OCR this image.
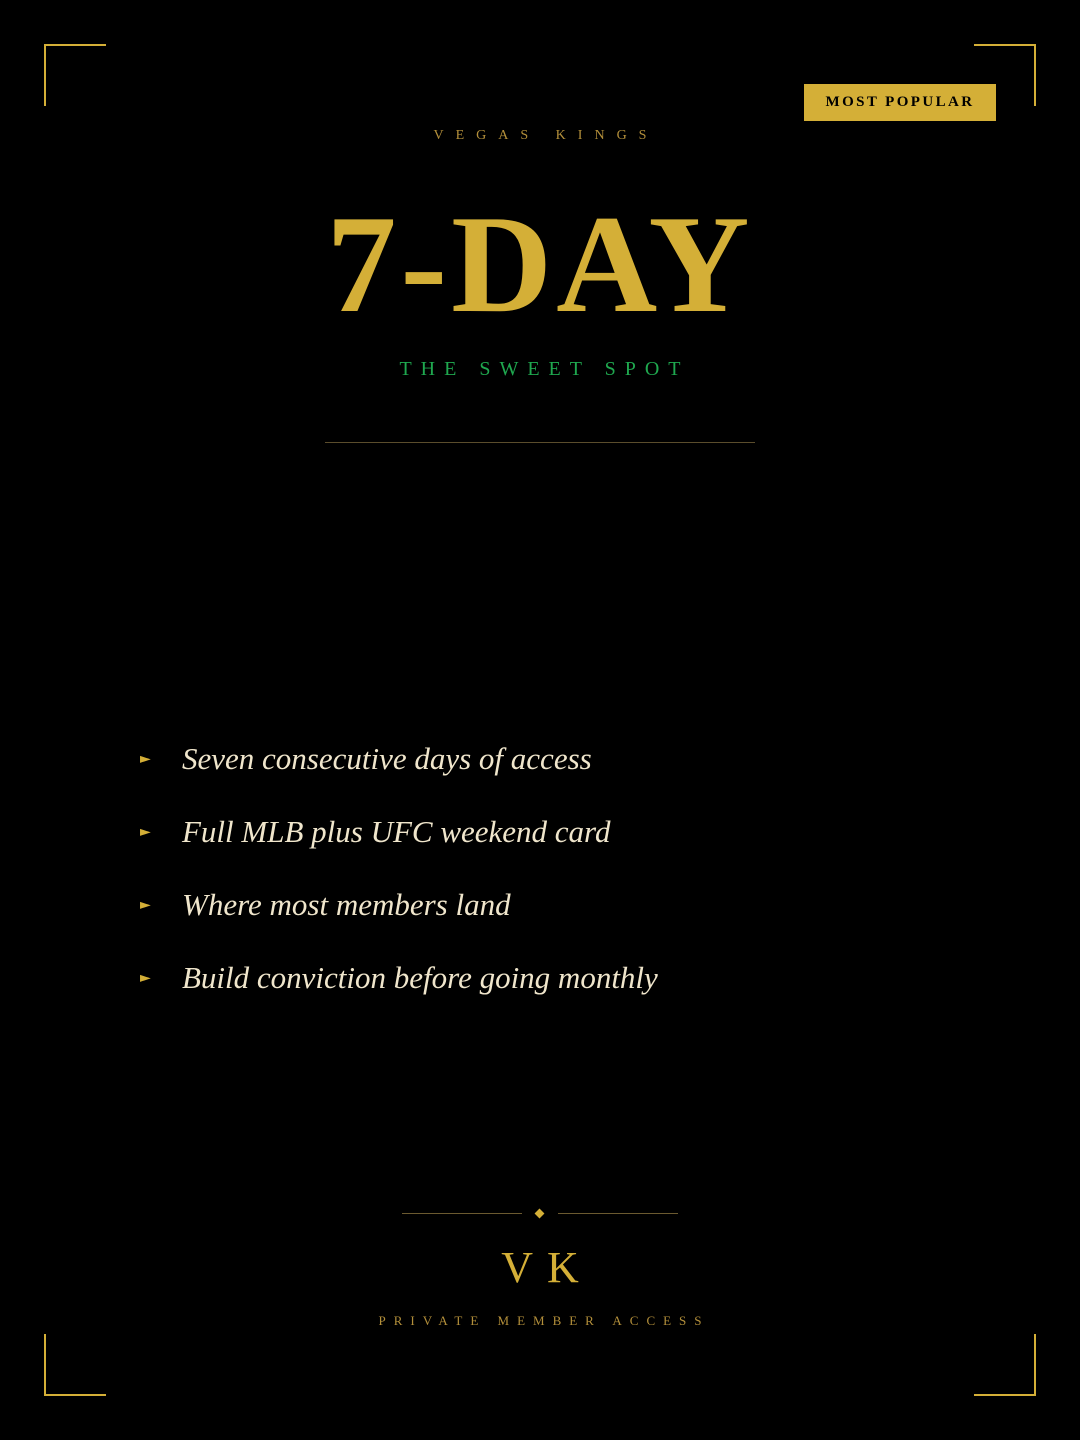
MOST POPULAR
VEGAS KINGS
7-DAY
THE SWEET SPOT
►	Seven consecutive days of access
►	Full MLB plus UFC weekend card
►	Where most members land
►	Build conviction before going monthly
VK
PRIVATE MEMBER ACCESS
